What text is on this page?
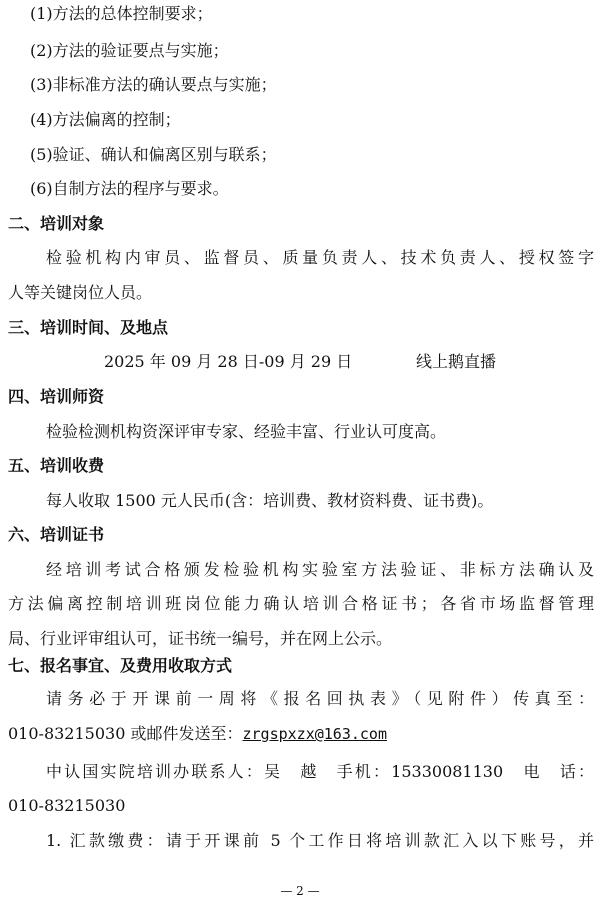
(1)方法的总体控制要求；
(2)方法的验证要点与实施；
(3)非标准方法的确认要点与实施；
(4)方法偏离的控制；
(5)验证、确认和偏离区别与联系；
(6)自制方法的程序与要求。
二、培训对象
检验机构内审员、监督员、质量负责人、技术负责人、授权签字
人等关键岗位人员。
三、培训时间、及地点
2025 年 09 月 28 日-09 月 29 日	线上鹅直播
四、培训师资
检验检测机构资深评审专家、经验丰富、行业认可度高。
五、培训收费
每人收取 1500 元人民币(含：培训费、教材资料费、证书费)。
六、培训证书
经培训考试合格颁发检验机构实验室方法验证、非标方法确认及
方法偏离控制培训班岗位能力确认培训合格证书；各省市场监督管理
局、行业评审组认可，证书统一编号，并在网上公示。
七、报名事宜、及费用收取方式
请务必于开课前一周将《报名回执表》（见附件）传真至：
010-83215030 或邮件发送至：zrgspxzx@163.com
中认国实院培训办联系人：吴　越　手机：15330081130　电　话：
010-83215030
1. 汇款缴费：请于开课前 5 个工作日将培训款汇入以下账号，并
— 2 —
